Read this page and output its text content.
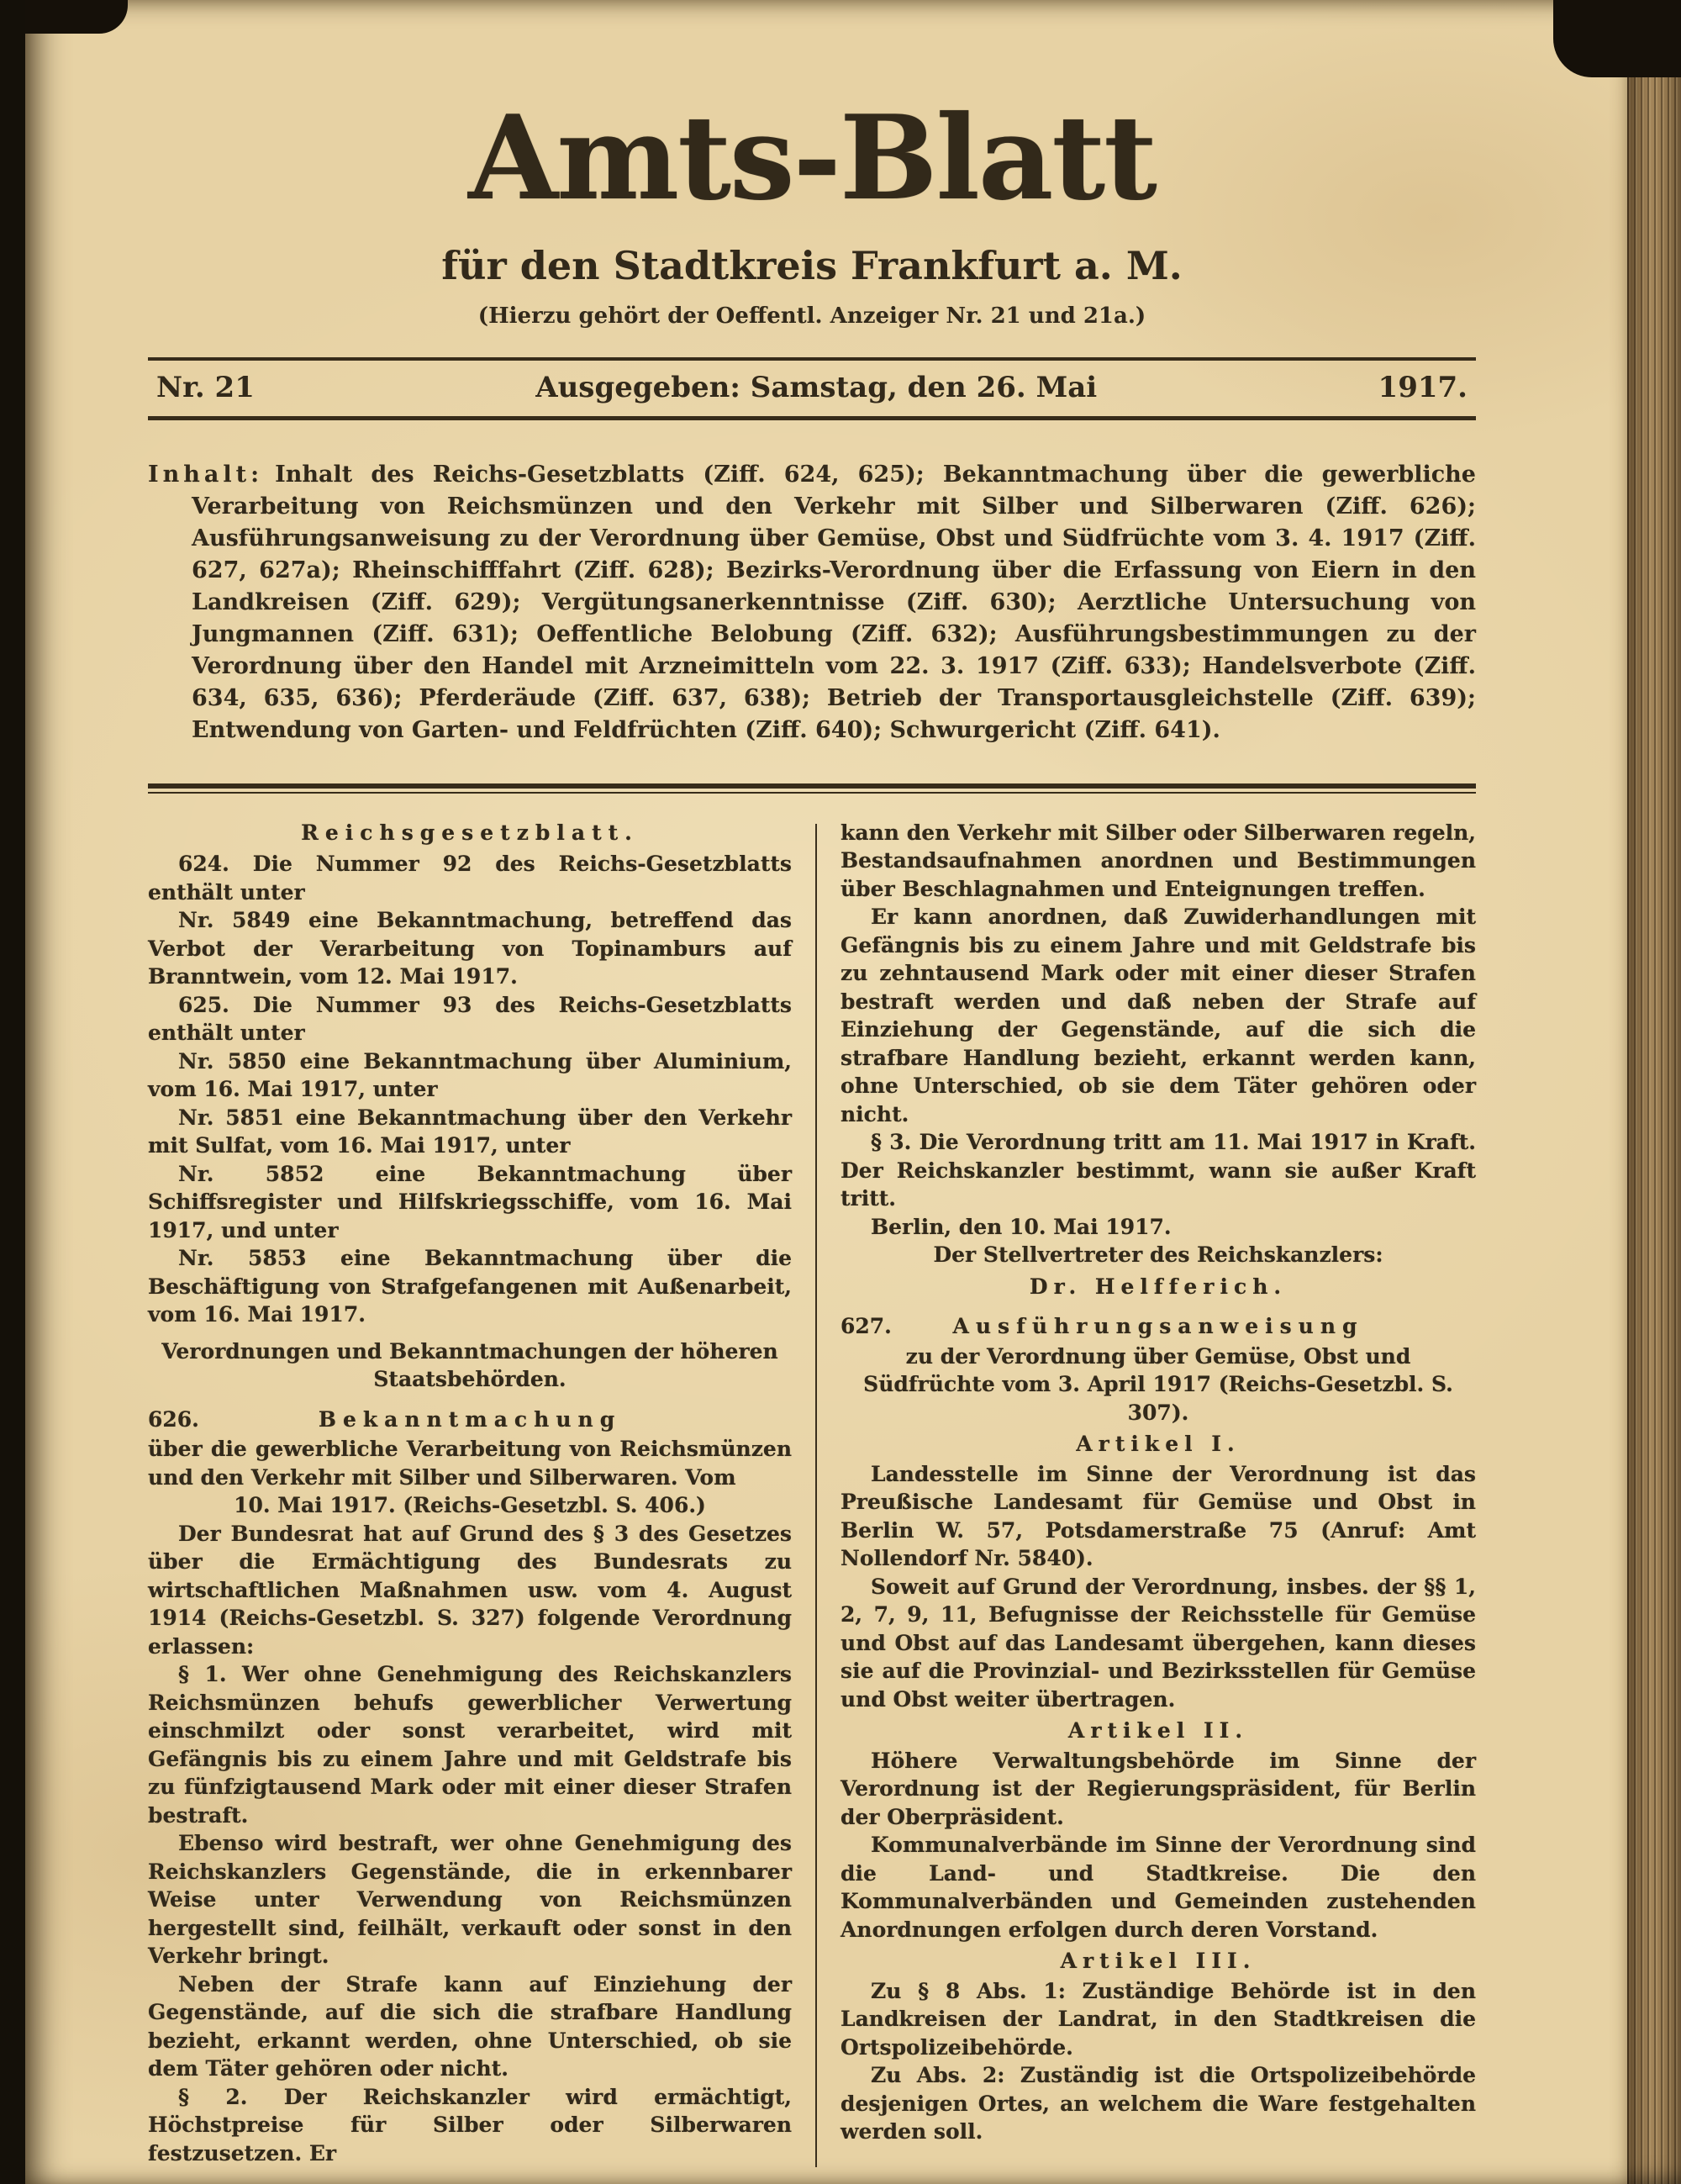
Amts-Blatt
für den Stadtkreis Frankfurt a. M.
(Hierzu gehört der Oeffentl. Anzeiger Nr. 21 und 21a.)
Nr. 21	Ausgegeben: Samstag, den 26. Mai	1917.

Inhalt: Inhalt des Reichs-Gesetzblatts (Ziff. 624, 625); Bekanntmachung über die gewerbliche Verarbeitung von Reichsmünzen und den Verkehr mit Silber und Silberwaren (Ziff. 626); Ausführungsanweisung zu der Verordnung über Gemüse, Obst und Südfrüchte vom 3. 4. 1917 (Ziff. 627, 627a); Rheinschifffahrt (Ziff. 628); Bezirks-Verordnung über die Erfassung von Eiern in den Landkreisen (Ziff. 629); Vergütungsanerkenntnisse (Ziff. 630); Aerztliche Untersuchung von Jungmannen (Ziff. 631); Oeffentliche Belobung (Ziff. 632); Ausführungsbestimmungen zu der Verordnung über den Handel mit Arzneimitteln vom 22. 3. 1917 (Ziff. 633); Handelsverbote (Ziff. 634, 635, 636); Pferderäude (Ziff. 637, 638); Betrieb der Transportausgleichstelle (Ziff. 639); Entwendung von Garten- und Feldfrüchten (Ziff. 640); Schwurgericht (Ziff. 641).

Reichsgesetzblatt.

624. Die Nummer 92 des Reichs-Gesetzblatts enthält unter

Nr. 5849 eine Bekanntmachung, betreffend das Verbot der Verarbeitung von Topinamburs auf Branntwein, vom 12. Mai 1917.

625. Die Nummer 93 des Reichs-Gesetzblatts enthält unter

Nr. 5850 eine Bekanntmachung über Aluminium, vom 16. Mai 1917, unter

Nr. 5851 eine Bekanntmachung über den Verkehr mit Sulfat, vom 16. Mai 1917, unter

Nr. 5852 eine Bekanntmachung über Schiffsregister und Hilfskriegsschiffe, vom 16. Mai 1917, und unter

Nr. 5853 eine Bekanntmachung über die Beschäftigung von Strafgefangenen mit Außenarbeit, vom 16. Mai 1917.

Verordnungen und Bekanntmachungen der höheren Staatsbehörden.

626.	Bekanntmachung

über die gewerbliche Verarbeitung von Reichsmünzen und den Verkehr mit Silber und Silberwaren. Vom

10. Mai 1917. (Reichs-Gesetzbl. S. 406.)

Der Bundesrat hat auf Grund des § 3 des Gesetzes über die Ermächtigung des Bundesrats zu wirtschaftlichen Maßnahmen usw. vom 4. August 1914 (Reichs-Gesetzbl. S. 327) folgende Verordnung erlassen:

§ 1. Wer ohne Genehmigung des Reichskanzlers Reichsmünzen behufs gewerblicher Verwertung einschmilzt oder sonst verarbeitet, wird mit Gefängnis bis zu einem Jahre und mit Geldstrafe bis zu fünfzigtausend Mark oder mit einer dieser Strafen bestraft.

Ebenso wird bestraft, wer ohne Genehmigung des Reichskanzlers Gegenstände, die in erkennbarer Weise unter Verwendung von Reichsmünzen hergestellt sind, feilhält, verkauft oder sonst in den Verkehr bringt.

Neben der Strafe kann auf Einziehung der Gegenstände, auf die sich die strafbare Handlung bezieht, erkannt werden, ohne Unterschied, ob sie dem Täter gehören oder nicht.

§ 2. Der Reichskanzler wird ermächtigt, Höchstpreise für Silber oder Silberwaren festzusetzen. Er

kann den Verkehr mit Silber oder Silberwaren regeln, Bestandsaufnahmen anordnen und Bestimmungen über Beschlagnahmen und Enteignungen treffen.

Er kann anordnen, daß Zuwiderhandlungen mit Gefängnis bis zu einem Jahre und mit Geldstrafe bis zu zehntausend Mark oder mit einer dieser Strafen bestraft werden und daß neben der Strafe auf Einziehung der Gegenstände, auf die sich die strafbare Handlung bezieht, erkannt werden kann, ohne Unterschied, ob sie dem Täter gehören oder nicht.

§ 3. Die Verordnung tritt am 11. Mai 1917 in Kraft. Der Reichskanzler bestimmt, wann sie außer Kraft tritt.

Berlin, den 10. Mai 1917.

Der Stellvertreter des Reichskanzlers:

Dr. Helfferich.

627.	Ausführungsanweisung

zu der Verordnung über Gemüse, Obst und Südfrüchte vom 3. April 1917 (Reichs-Gesetzbl. S. 307).

Artikel I.

Landesstelle im Sinne der Verordnung ist das Preußische Landesamt für Gemüse und Obst in Berlin W. 57, Potsdamerstraße 75 (Anruf: Amt Nollendorf Nr. 5840).

Soweit auf Grund der Verordnung, insbes. der §§ 1, 2, 7, 9, 11, Befugnisse der Reichsstelle für Gemüse und Obst auf das Landesamt übergehen, kann dieses sie auf die Provinzial- und Bezirksstellen für Gemüse und Obst weiter übertragen.

Artikel II.

Höhere Verwaltungsbehörde im Sinne der Verordnung ist der Regierungspräsident, für Berlin der Oberpräsident.

Kommunalverbände im Sinne der Verordnung sind die Land- und Stadtkreise. Die den Kommunalverbänden und Gemeinden zustehenden Anordnungen erfolgen durch deren Vorstand.

Artikel III.

Zu § 8 Abs. 1: Zuständige Behörde ist in den Landkreisen der Landrat, in den Stadtkreisen die Ortspolizeibehörde.

Zu Abs. 2: Zuständig ist die Ortspolizeibehörde desjenigen Ortes, an welchem die Ware festgehalten werden soll.
